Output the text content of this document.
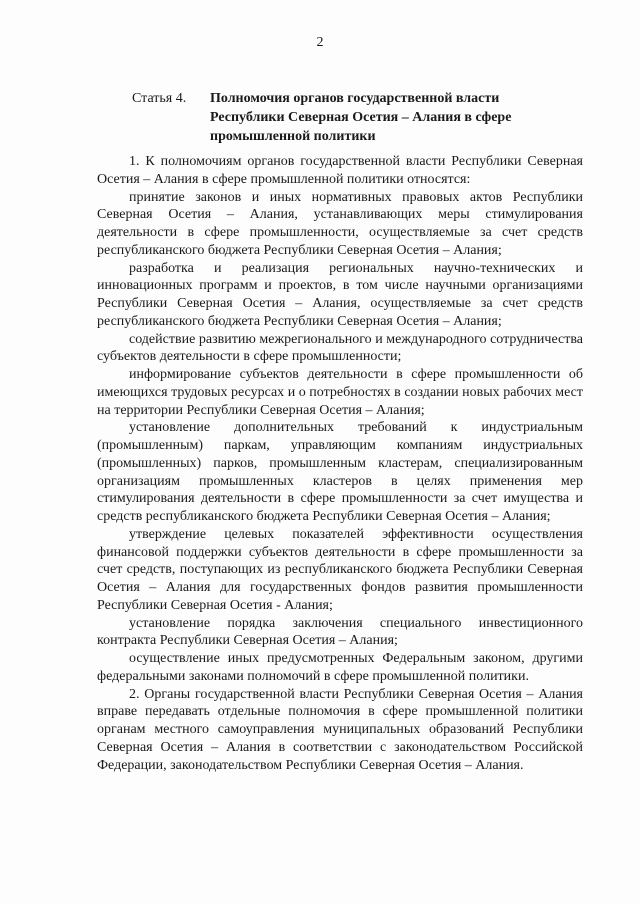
2
Статья 4. Полномочия органов государственной власти Республики Северная Осетия – Алания в сфере промышленной политики

1. К полномочиям органов государственной власти Республики Северная Осетия – Алания в сфере промышленной политики относятся:

принятие законов и иных нормативных правовых актов Республики Северная Осетия – Алания, устанавливающих меры стимулирования деятельности в сфере промышленности, осуществляемые за счет средств республиканского бюджета Республики Северная Осетия – Алания;

разработка и реализация региональных научно-технических и инновационных программ и проектов, в том числе научными организациями Республики Северная Осетия – Алания, осуществляемые за счет средств республиканского бюджета Республики Северная Осетия – Алания;

содействие развитию межрегионального и международного сотрудничества субъектов деятельности в сфере промышленности;

информирование субъектов деятельности в сфере промышленности об имеющихся трудовых ресурсах и о потребностях в создании новых рабочих мест на территории Республики Северная Осетия – Алания;

установление дополнительных требований к индустриальным (промышленным) паркам, управляющим компаниям индустриальных (промышленных) парков, промышленным кластерам, специализированным организациям промышленных кластеров в целях применения мер стимулирования деятельности в сфере промышленности за счет имущества и средств республиканского бюджета Республики Северная Осетия – Алания;

утверждение целевых показателей эффективности осуществления финансовой поддержки субъектов деятельности в сфере промышленности за счет средств, поступающих из республиканского бюджета Республики Северная Осетия – Алания для государственных фондов развития промышленности Республики Северная Осетия - Алания;

установление порядка заключения специального инвестиционного контракта Республики Северная Осетия – Алания;

осуществление иных предусмотренных Федеральным законом, другими федеральными законами полномочий в сфере промышленной политики.

2. Органы государственной власти Республики Северная Осетия – Алания вправе передавать отдельные полномочия в сфере промышленной политики органам местного самоуправления муниципальных образований Республики Северная Осетия – Алания в соответствии с законодательством Российской Федерации, законодательством Республики Северная Осетия – Алания.
